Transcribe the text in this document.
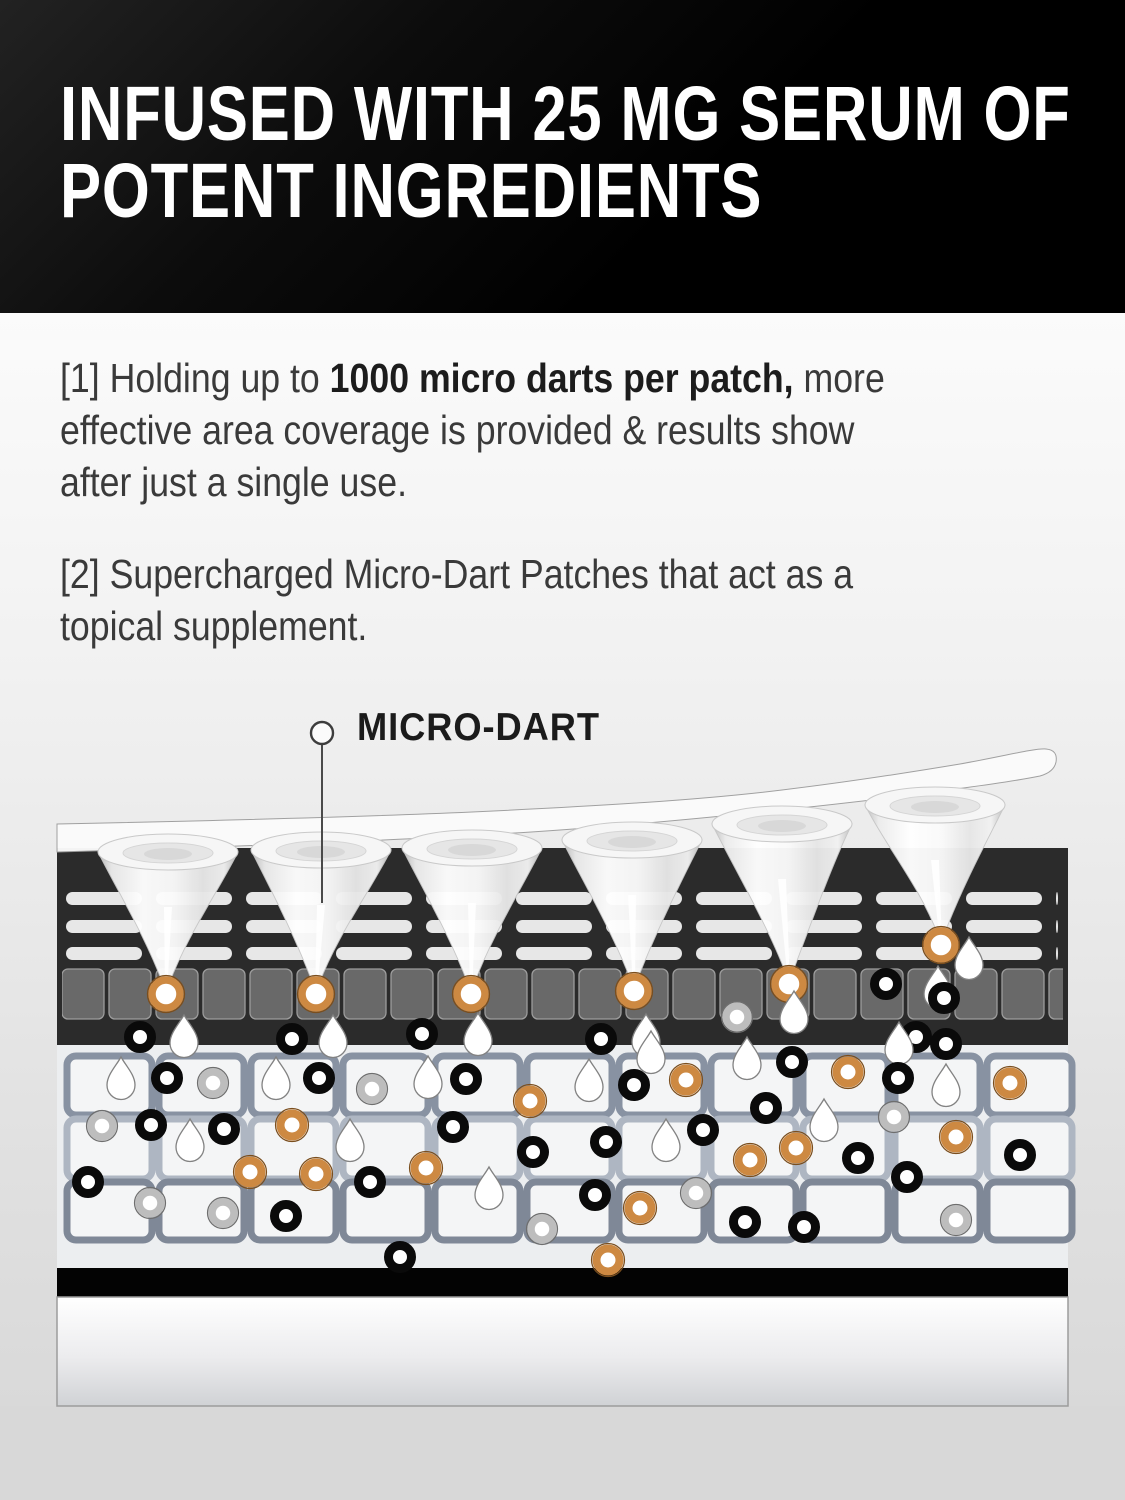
INFUSED WITH 25 MG SERUM OF
POTENT INGREDIENTS
[1] Holding up to 1000 micro darts per patch, more
effective area coverage is provided & results show
after just a single use.
[2] Supercharged Micro-Dart Patches that act as a
topical supplement.

MICRO-DART
